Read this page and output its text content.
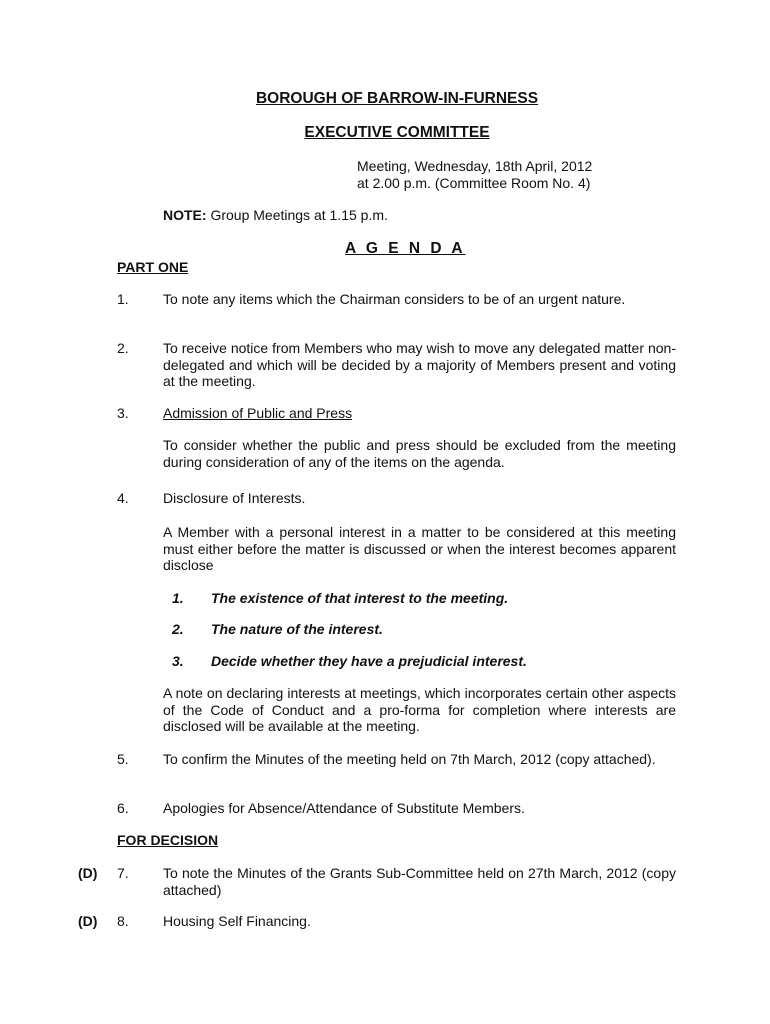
BOROUGH OF BARROW-IN-FURNESS
EXECUTIVE COMMITTEE
Meeting, Wednesday, 18th April, 2012
at 2.00 p.m. (Committee Room No. 4)
NOTE: Group Meetings at 1.15 p.m.
A G E N D A
PART ONE
1. To note any items which the Chairman considers to be of an urgent nature.
2. To receive notice from Members who may wish to move any delegated matter non-delegated and which will be decided by a majority of Members present and voting at the meeting.
3. Admission of Public and Press
To consider whether the public and press should be excluded from the meeting during consideration of any of the items on the agenda.
4. Disclosure of Interests.
A Member with a personal interest in a matter to be considered at this meeting must either before the matter is discussed or when the interest becomes apparent disclose
1. The existence of that interest to the meeting.
2. The nature of the interest.
3. Decide whether they have a prejudicial interest.
A note on declaring interests at meetings, which incorporates certain other aspects of the Code of Conduct and a pro-forma for completion where interests are disclosed will be available at the meeting.
5. To confirm the Minutes of the meeting held on 7th March, 2012 (copy attached).
6. Apologies for Absence/Attendance of Substitute Members.
FOR DECISION
(D) 7. To note the Minutes of the Grants Sub-Committee held on 27th March, 2012 (copy attached)
(D) 8. Housing Self Financing.
